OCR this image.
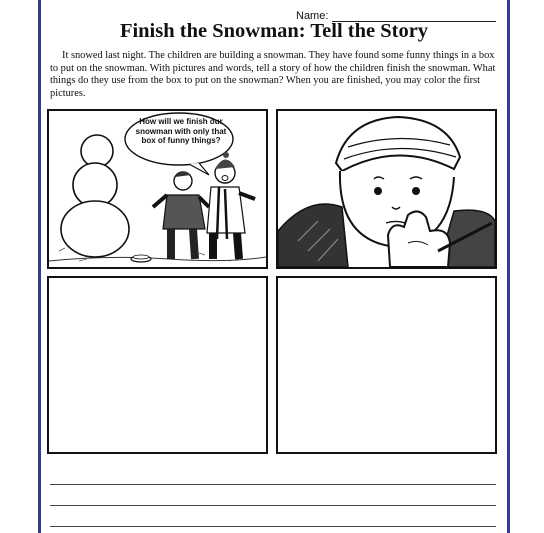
Name:
Finish the Snowman: Tell the Story
It snowed last night. The children are building a snowman. They have found some funny things in a box to put on the snowman. With pictures and words, tell a story of how the children finish the snowman. What things do they use from the box to put on the snowman? When you are finished, you may color the first pictures.
How will we finish our snowman with only that box of funny things?
